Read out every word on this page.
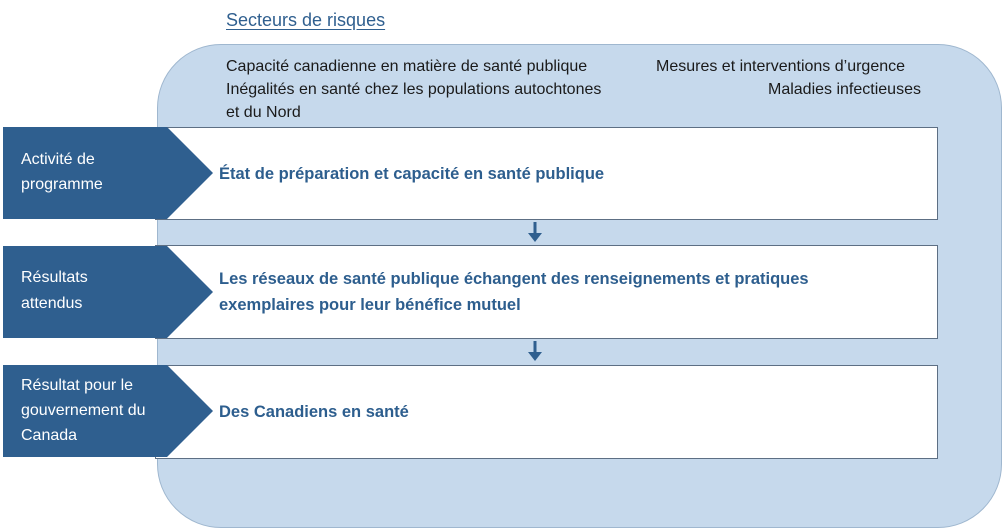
Secteurs de risques
Capacité canadienne en matière de santé publique	Mesures et interventions d’urgence
Inégalités en santé chez les populations autochtones
et du Nord
Maladies infectieuses
Activité de
programme
État de préparation et capacité en santé publique
Résultats
attendus
Les réseaux de santé publique échangent des renseignements et pratiques
exemplaires pour leur bénéfice mutuel
Résultat pour le
gouvernement du
Canada
Des Canadiens en santé
